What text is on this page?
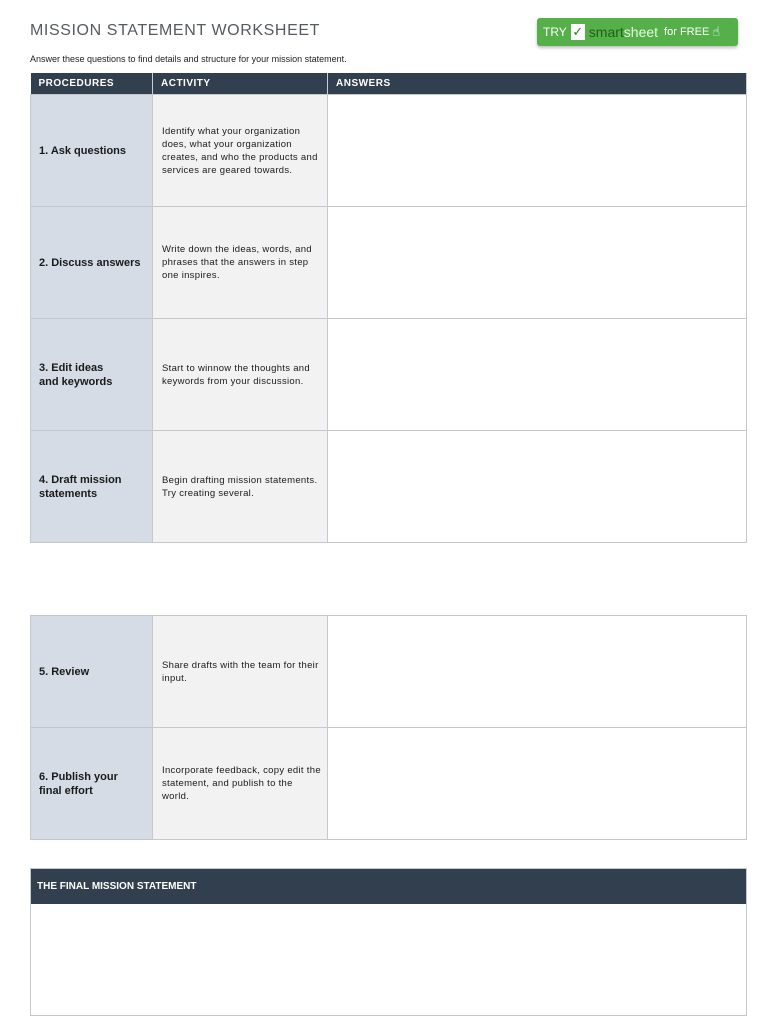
MISSION STATEMENT WORKSHEET
Answer these questions to find details and structure for your mission statement.
TRY ✓ smartsheet for FREE ☝
PROCEDURES	ACTIVITY	ANSWERS
1. Ask questions	Identify what your organization does, what your organization creates, and who the products and services are geared towards.	
2. Discuss answers	Write down the ideas, words, and phrases that the answers in step one inspires.	
3. Edit ideas
and keywords	Start to winnow the thoughts and keywords from your discussion.	
4. Draft mission
statements	Begin drafting mission statements.
Try creating several.	
5. Review	Share drafts with the team for their input.	
6. Publish your
final effort	Incorporate feedback, copy edit the statement, and publish to the world.	
THE FINAL MISSION STATEMENT
